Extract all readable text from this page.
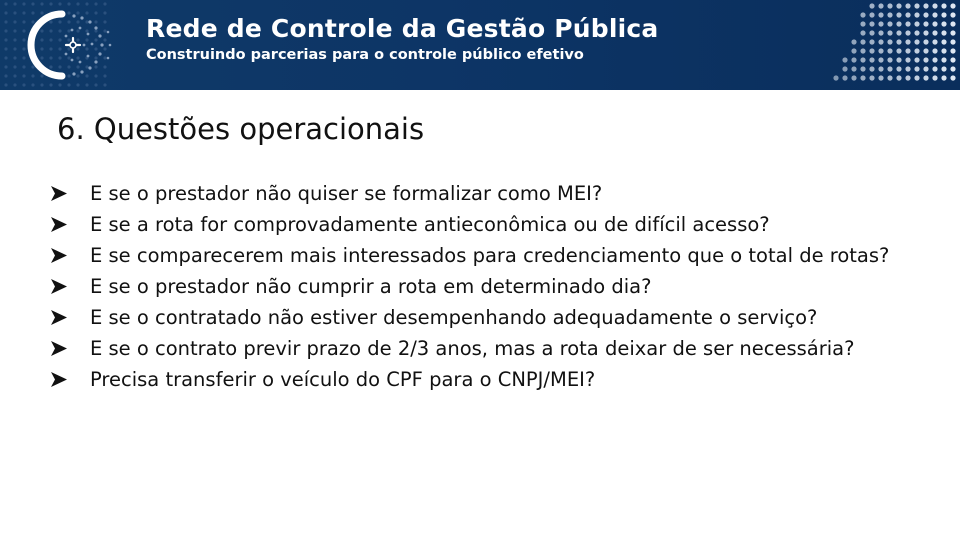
Rede de Controle da Gestão Pública
Construindo parcerias para o controle público efetivo
6. Questões operacionais
E se o prestador não quiser se formalizar como MEI?
E se a rota for comprovadamente antieconômica ou de difícil acesso?
E se comparecerem mais interessados para credenciamento que o total de rotas?
E se o prestador não cumprir a rota em determinado dia?
E se o contratado não estiver desempenhando adequadamente o serviço?
E se o contrato previr prazo de 2/3 anos, mas a rota deixar de ser necessária?
Precisa transferir o veículo do CPF para o CNPJ/MEI?
